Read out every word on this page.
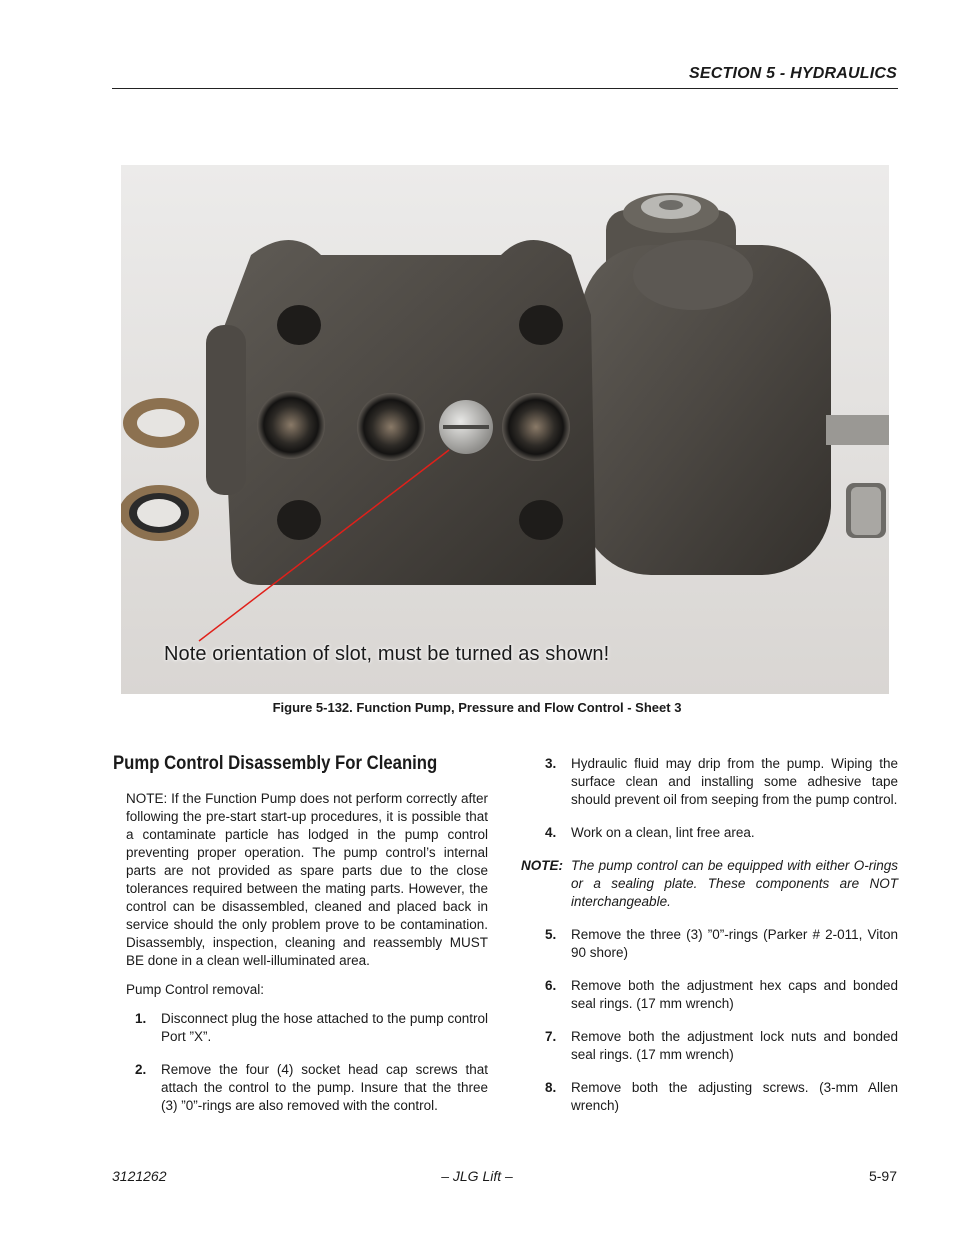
SECTION 5 - HYDRAULICS
Note orientation of slot, must be turned as shown!
Figure 5-132. Function Pump, Pressure and Flow Control - Sheet 3
Pump Control Disassembly For Cleaning

NOTE: If the Function Pump does not perform correctly after following the pre-start start-up procedures, it is possible that a contaminate particle has lodged in the pump control preventing proper operation. The pump control’s internal parts are not provided as spare parts due to the close tolerances required between the mating parts. However, the control can be disassembled, cleaned and placed back in service should the only problem prove to be contamination. Disassembly, inspection, cleaning and reassembly MUST BE done in a clean well-illuminated area.

Pump Control removal:

1.	Disconnect plug the hose attached to the pump control Port ”X”.
2.	Remove the four (4) socket head cap screws that attach the control to the pump. Insure that the three (3) ”0”-rings are also removed with the control.
3.	Hydraulic fluid may drip from the pump. Wiping the surface clean and installing some adhesive tape should prevent oil from seeping from the pump control.
4.	Work on a clean, lint free area.
NOTE: The pump control can be equipped with either O-rings or a sealing plate. These components are NOT interchangeable.
5.	Remove the three (3) ”0”-rings (Parker # 2-011, Viton 90 shore)
6.	Remove both the adjustment hex caps and bonded seal rings. (17 mm wrench)
7.	Remove both the adjustment lock nuts and bonded seal rings. (17 mm wrench)
8.	Remove both the adjusting screws. (3-mm Allen wrench)
3121262	– JLG Lift –	5-97
